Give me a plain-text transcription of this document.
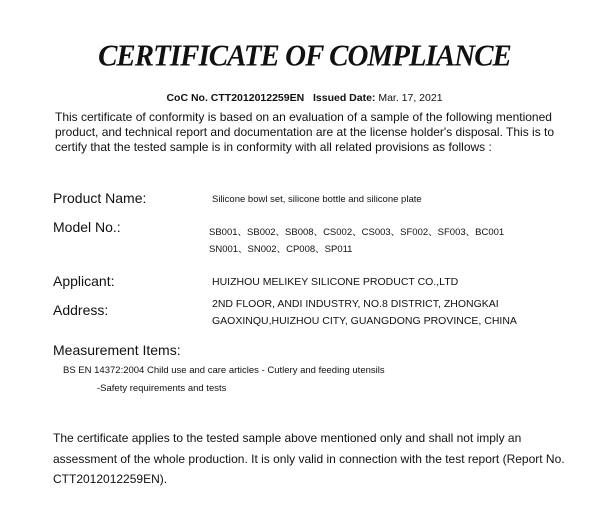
CERTIFICATE OF COMPLIANCE
CoC No. CTT2012012259EN Issued Date: Mar. 17, 2021
This certificate of conformity is based on an evaluation of a sample of the following mentioned product, and technical report and documentation are at the license holder's disposal. This is to certify that the tested sample is in conformity with all related provisions as follows :
Product Name:	Silicone bowl set, silicone bottle and silicone plate
Model No.:	SB001、SB002、SB008、CS002、CS003、SF002、SF003、BC001
SN001、SN002、CP008、SP011
Applicant:	HUIZHOU MELIKEY SILICONE PRODUCT CO.,LTD
Address:	2ND FLOOR, ANDI INDUSTRY, NO.8 DISTRICT, ZHONGKAI
GAOXINQU,HUIZHOU CITY, GUANGDONG PROVINCE, CHINA
Measurement Items:
BS EN 14372:2004 Child use and care articles - Cutlery and feeding utensils
-Safety requirements and tests
The certificate applies to the tested sample above mentioned only and shall not imply an assessment of the whole production. It is only valid in connection with the test report (Report No. CTT2012012259EN).
